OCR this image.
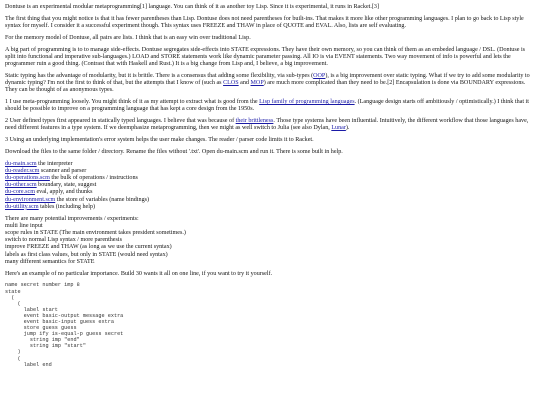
Dontuse is an experimental modular metaprogramming[1] language. You can think of it as another toy Lisp. Since it is experimental, it runs in Racket.[3]

The first thing that you might notice is that it has fewer parentheses than Lisp. Dontuse does not need parentheses for built-ins. That makes it more like other programming languages. I plan to go back to Lisp style syntax for myself. I consider it a successful experiment though. This syntax uses FREEZE and THAW in place of QUOTE and EVAL. Also, lists are self evaluating.

For the memory model of Dontuse, all pairs are lists. I think that is an easy win over traditional Lisp.

A big part of programming is to to manage side-effects. Dontuse segregates side-effects into STATE expressions. They have their own memory, so you can think of them as an embeded language / DSL. (Dontuse is split into functional and imperative sub-languages.) LOAD and STORE statements work like dynamic parameter passing. All IO is via EVENT statements. Two way movement of info is powerful and lets the programmer ruin a good thing. (Contrast that with Haskell and Rust.) It is a big change from Lisp and, I believe, a big improvement.

Static typing has the advantage of modularity, but it is brittle. There is a consensus that adding some flexibility, via sub-types (OOP), is a big improvement over static typing. What if we try to add some modularity to dynamic typing? I'm not the first to think of that, but the attempts that I know of (such as CLOS and MOP) are much more complicated than they need to be.[2] Encapsulation is done via BOUNDARY expressions. They can be thought of as anonymous types.

1 I use meta-programming loosely. You might think of it as my attempt to extract what is good from the Lisp family of programming languages. (Language design starts off ambitiously / optimistically.) I think that it should be possible to improve on a programming language that has kept a core design from the 1950s.

2 User defined types first appeared in statically typed languages. I believe that was because of their brittleness. Those type systems have been influential. Intuitively, the different workflow that those languages have, need different features in a type system. If we deemphasize metaprogramming, then we might as well switch to Julia (see also Dylan, Lunar).

3 Using an underlying implementation's error system helps the user make changes. The reader / parser code limits it to Racket.

Download the files to the same folder / directory. Rename the files without '.txt'. Open du-main.scm and run it. There is some built in help.

du-main.scm the interpreter
du-reader.scm scanner and parser
du-operations.scm the bulk of operations / instructions
du-other.scm boundary, state, suggest
du-core.scm eval, apply, and thunks
du-environment.scm the store of variables (name bindings)
du-utility.scm tables (including help)
There are many potential improvements / experiments:
multi line input
scope rules in STATE (The main environment takes president sometimes.)
switch to normal Lisp syntax / more parenthesis
improve FREEZE and THAW (as long as we use the current syntax)
labels as first class values, but only in STATE (would need syntax)
many different semantics for STATE

Here's an example of no particular importance. Build 30 wants it all on one line, if you want to try it yourself.

name secret number imp 8
state
(
(
label start
event basic-output message extra
event basic-input guess extra
store guess guess
jump ify is-equal-p guess secret
string imp "end"
string imp "start"
)
(
label end
